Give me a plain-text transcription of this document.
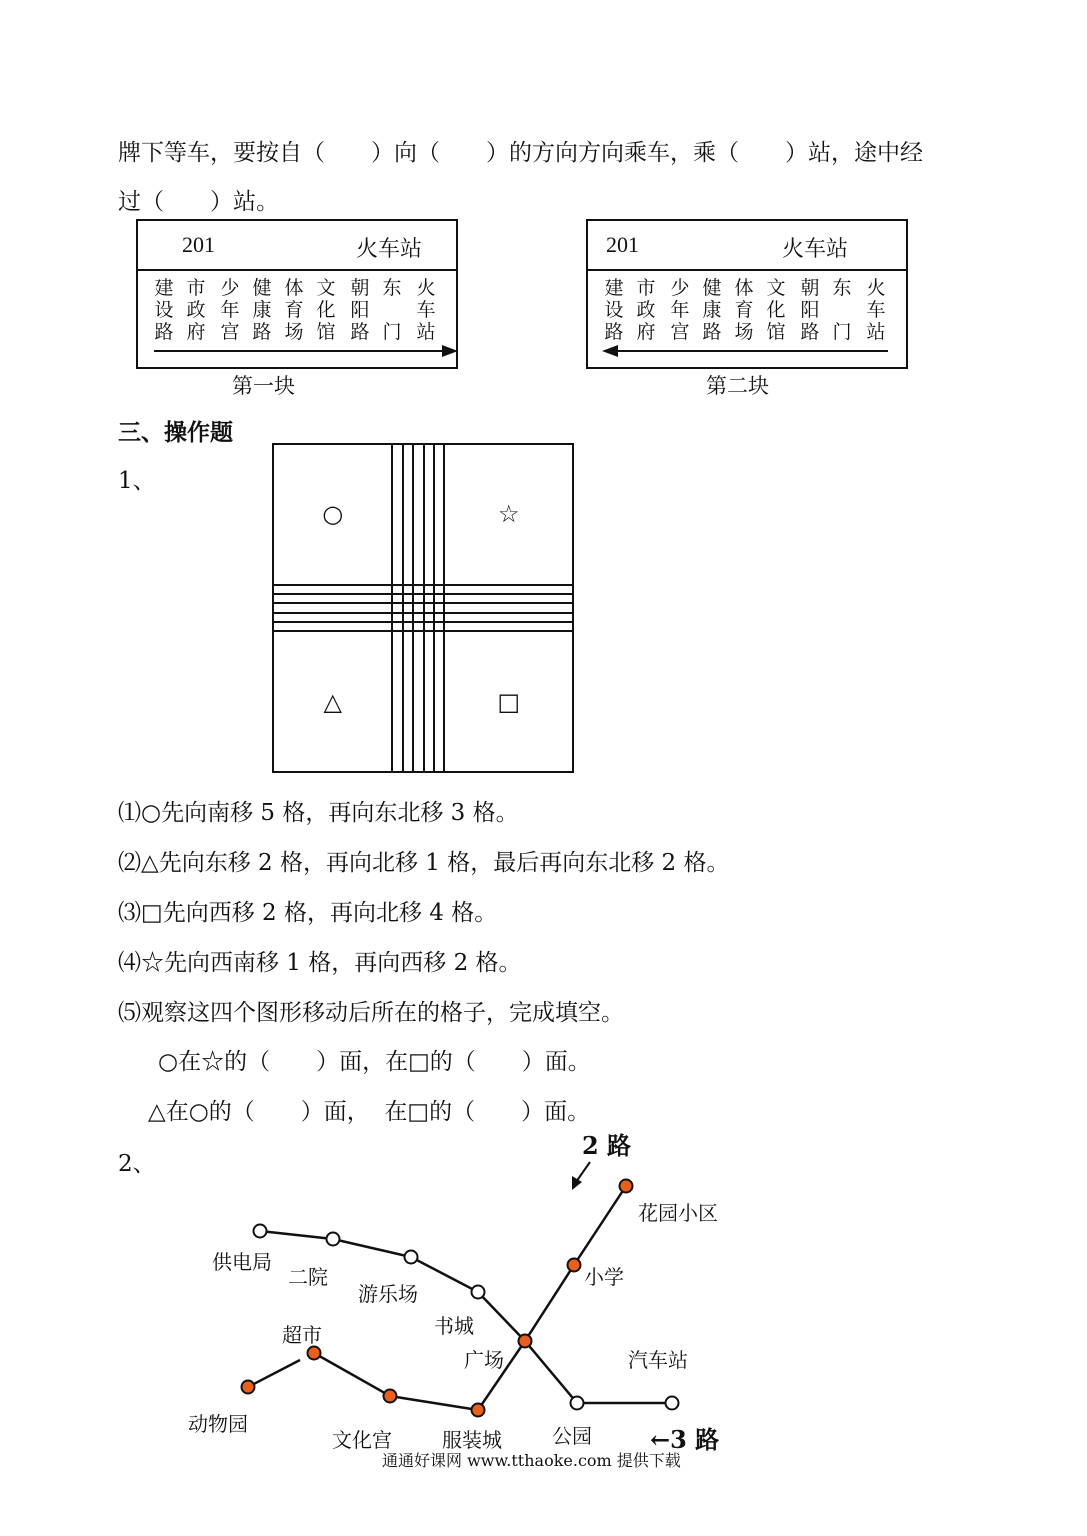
牌下等车，要按自（　　）向（　　）的方向方向乘车，乘（　　）站，途中经
过（　　）站。
201	火车站
建
设
路
市
政
府
少
年
宫
健
康
路
体
育
场
文
化
馆
朝
阳
路
东

门
火
车
站
第一块
201	火车站
建
设
路
市
政
府
少
年
宫
健
康
路
体
育
场
文
化
馆
朝
阳
路
东

门
火
车
站
第二块
三、操作题
1、
○						☆

△						□
⑴○先向南移 5 格，再向东北移 3 格。
⑵△先向东移 2 格，再向北移 1 格，最后再向东北移 2 格。
⑶□先向西移 2 格，再向北移 4 格。
⑷☆先向西南移 1 格，再向西移 2 格。
⑸观察这四个图形移动后所在的格子，完成填空。
○在☆的（　　）面，在□的（　　）面。
△在○的（　　）面，  在□的（　　）面。
2、
2 路
←3 路
供电局
二院
游乐场
书城
广场
小学
花园小区
汽车站
超市
动物园
文化宫	服装城	公园
通通好课网 www.tthaoke.com 提供下载
